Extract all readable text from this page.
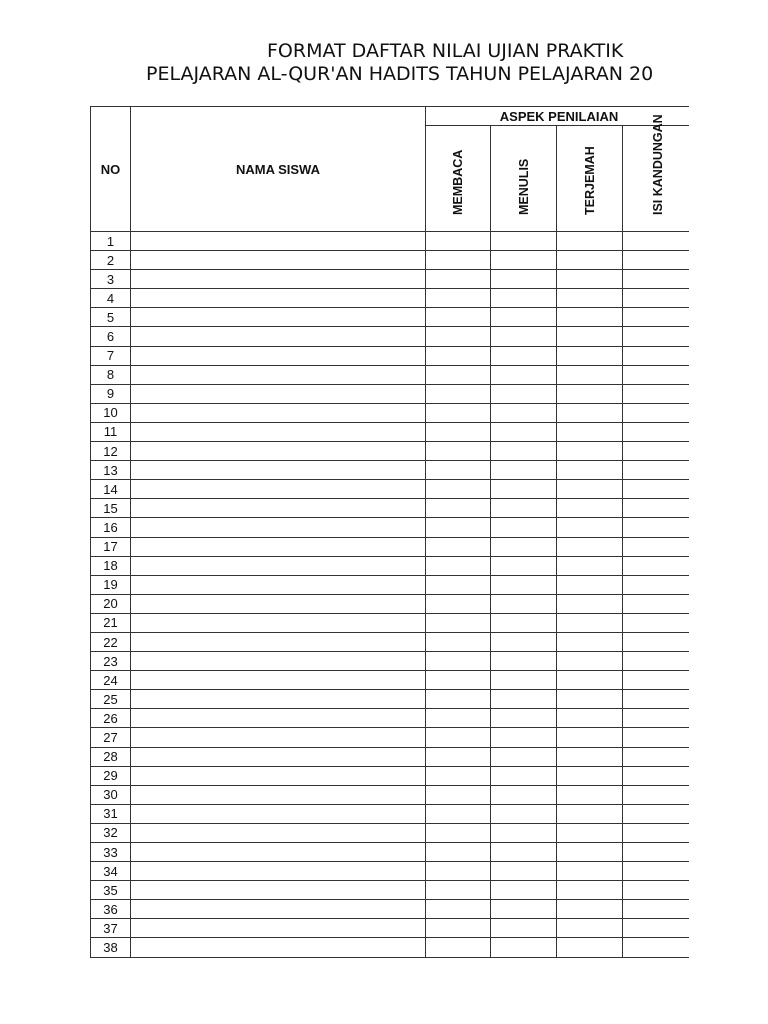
FORMAT DAFTAR NILAI UJIAN PRAKTIK
PELAJARAN AL-QUR'AN HADITS TAHUN PELAJARAN 20
NO	NAMA SISWA	ASPEK PENILAIAN			

		MEMBACA	MENULIS	TERJEMAH	ISI KANDUNGAN

1					
2					
3					
4					
5					
6					
7					
8					
9					
10					
11					
12					
13					
14					
15					
16					
17					
18					
19					
20					
21					
22					
23					
24					
25					
26					
27					
28					
29					
30					
31					
32					
33					
34					
35					
36					
37					
38					
